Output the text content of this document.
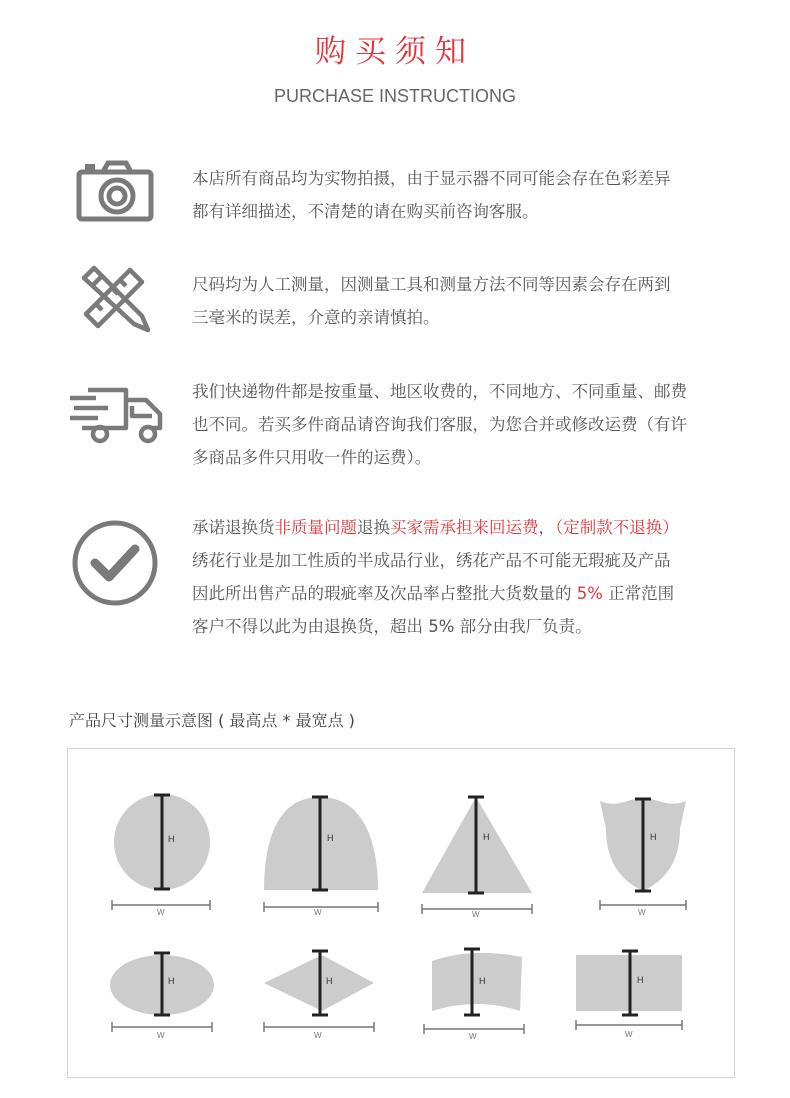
购买须知
PURCHASE INSTRUCTIONG
本店所有商品均为实物拍摄，由于显示器不同可能会存在色彩差异
都有详细描述，不清楚的请在购买前咨询客服。
尺码均为人工测量，因测量工具和测量方法不同等因素会存在两到
三毫米的误差，介意的亲请慎拍。
我们快递物件都是按重量、地区收费的，不同地方、不同重量、邮费
也不同。若买多件商品请咨询我们客服，为您合并或修改运费（有许
多商品多件只用收一件的运费）。
承诺退换货非质量问题退换买家需承担来回运费，（定制款不退换）
绣花行业是加工性质的半成品行业，绣花产品不可能无瑕疵及产品
因此所出售产品的瑕疵率及次品率占整批大货数量的 5% 正常范围
客户不得以此为由退换货，超出 5% 部分由我厂负责。
产品尺寸测量示意图 ( 最高点 * 最宽点 )
H
W
H
W
H
W
H
W
H
W
H
W
H
W
H
W
